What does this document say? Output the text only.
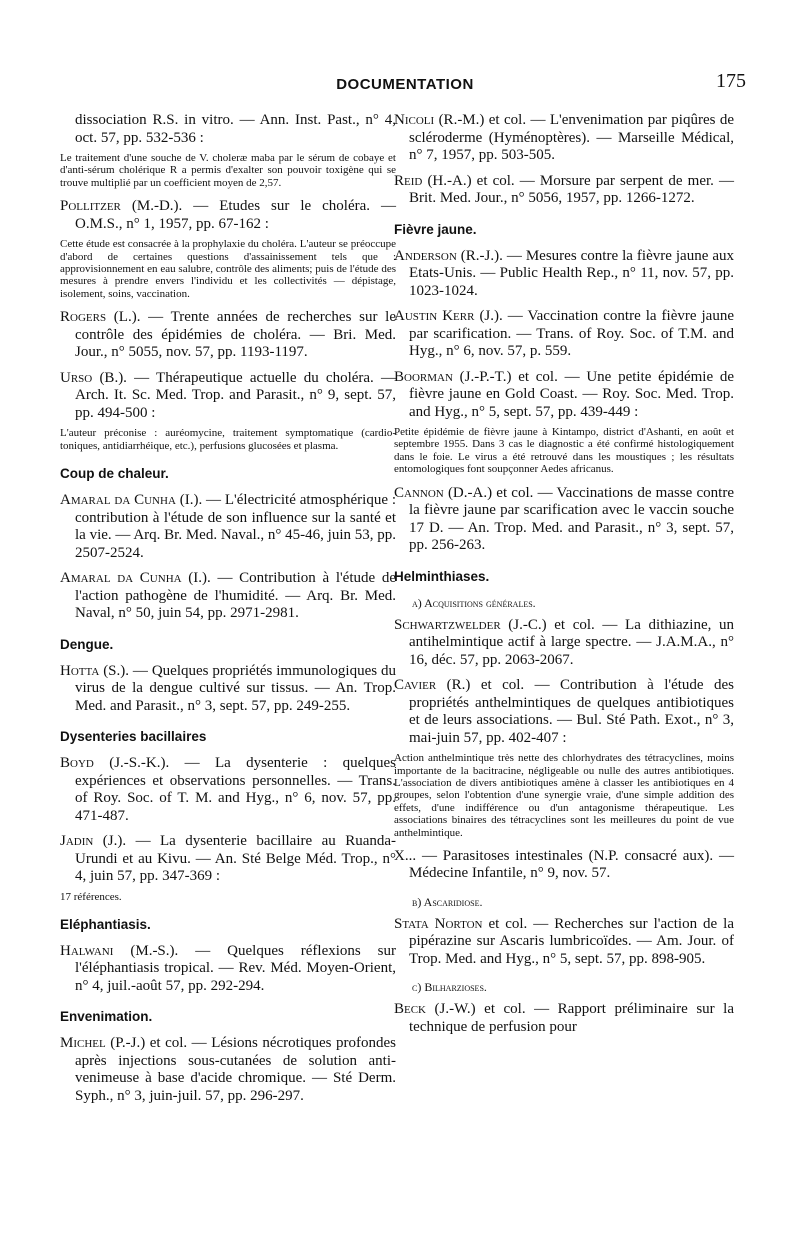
DOCUMENTATION	175

dissociation R.S. in vitro. — Ann. Inst. Past., n° 4, oct. 57, pp. 532-536 :

Le traitement d'une souche de V. choleræ maba par le sérum de cobaye et d'anti-sérum cholérique R a permis d'exalter son pouvoir toxigène qui se trouve multiplié par un coefficient moyen de 2,57.

Pollitzer (M.-D.). — Etudes sur le choléra. — O.M.S., n° 1, 1957, pp. 67-162 :

Cette étude est consacrée à la prophylaxie du choléra. L'auteur se préoccupe d'abord de certaines questions d'assainissement tels que : approvisionnement en eau salubre, contrôle des aliments; puis de l'étude des mesures à prendre envers l'individu et les collectivités — dépistage, isolement, soins, vaccination.

Rogers (L.). — Trente années de recherches sur le contrôle des épidémies de choléra. — Bri. Med. Jour., n° 5055, nov. 57, pp. 1193-1197.

Urso (B.). — Thérapeutique actuelle du choléra. — Arch. It. Sc. Med. Trop. and Parasit., n° 9, sept. 57, pp. 494-500 :

L'auteur préconise : auréomycine, traitement symptomatique (cardio-toniques, antidiarrhéique, etc.), perfusions glucosées et plasma.

Coup de chaleur.

Amaral da Cunha (I.). — L'électricité atmosphérique : contribution à l'étude de son influence sur la santé et la vie. — Arq. Br. Med. Naval., n° 45-46, juin 53, pp. 2507-2524.

Amaral da Cunha (I.). — Contribution à l'étude de l'action pathogène de l'humidité. — Arq. Br. Med. Naval, n° 50, juin 54, pp. 2971-2981.

Dengue.

Hotta (S.). — Quelques propriétés immunologiques du virus de la dengue cultivé sur tissus. — An. Trop. Med. and Parasit., n° 3, sept. 57, pp. 249-255.

Dysenteries bacillaires

Boyd (J.-S.-K.). — La dysenterie : quelques expériences et observations personnelles. — Trans. of Roy. Soc. of T. M. and Hyg., n° 6, nov. 57, pp. 471-487.

Jadin (J.). — La dysenterie bacillaire au Ruanda-Urundi et au Kivu. — An. Sté Belge Méd. Trop., n° 4, juin 57, pp. 347-369 :

17 références.

Eléphantiasis.

Halwani (M.-S.). — Quelques réflexions sur l'éléphantiasis tropical. — Rev. Méd. Moyen-Orient, n° 4, juil.-août 57, pp. 292-294.

Envenimation.

Michel (P.-J.) et col. — Lésions nécrotiques profondes après injections sous-cutanées de solution anti-venimeuse à base d'acide chromique. — Sté Derm. Syph., n° 3, juin-juil. 57, pp. 296-297.

Nicoli (R.-M.) et col. — L'envenimation par piqûres de scléroderme (Hyménoptères). — Marseille Médical, n° 7, 1957, pp. 503-505.

Reid (H.-A.) et col. — Morsure par serpent de mer. — Brit. Med. Jour., n° 5056, 1957, pp. 1266-1272.

Fièvre jaune.

Anderson (R.-J.). — Mesures contre la fièvre jaune aux Etats-Unis. — Public Health Rep., n° 11, nov. 57, pp. 1023-1024.

Austin Kerr (J.). — Vaccination contre la fièvre jaune par scarification. — Trans. of Roy. Soc. of T.M. and Hyg., n° 6, nov. 57, p. 559.

Boorman (J.-P.-T.) et col. — Une petite épidémie de fièvre jaune en Gold Coast. — Roy. Soc. Med. Trop. and Hyg., n° 5, sept. 57, pp. 439-449 :

Petite épidémie de fièvre jaune à Kintampo, district d'Ashanti, en août et septembre 1955. Dans 3 cas le diagnostic a été confirmé histologiquement dans le foie. Le virus a été retrouvé dans les moustiques ; les résultats entomologiques font soupçonner Aedes africanus.

Cannon (D.-A.) et col. — Vaccinations de masse contre la fièvre jaune par scarification avec le vaccin souche 17 D. — An. Trop. Med. and Parasit., n° 3, sept. 57, pp. 256-263.

Helminthiases.
a) Acquisitions générales.

Schwartzwelder (J.-C.) et col. — La dithiazine, un antihelmintique actif à large spectre. — J.A.M.A., n° 16, déc. 57, pp. 2063-2067.

Cavier (R.) et col. — Contribution à l'étude des propriétés anthelmintiques de quelques antibiotiques et de leurs associations. — Bul. Sté Path. Exot., n° 3, mai-juin 57, pp. 402-407 :

Action anthelmintique très nette des chlorhydrates des tétracyclines, moins importante de la bacitracine, négligeable ou nulle des autres antibiotiques. L'association de divers antibiotiques amène à classer les antibiotiques en 4 groupes, selon l'obtention d'une synergie vraie, d'une simple addition des effets, d'une indifférence ou d'un antagonisme thérapeutique. Les associations binaires des tétracyclines sont les meilleures du point de vue anthelmintique.

X... — Parasitoses intestinales (N.P. consacré aux). — Médecine Infantile, n° 9, nov. 57.

b) Ascaridiose.

Stata Norton et col. — Recherches sur l'action de la pipérazine sur Ascaris lumbricoïdes. — Am. Jour. of Trop. Med. and Hyg., n° 5, sept. 57, pp. 898-905.

c) Bilharzioses.

Beck (J.-W.) et col. — Rapport préliminaire sur la technique de perfusion pour
